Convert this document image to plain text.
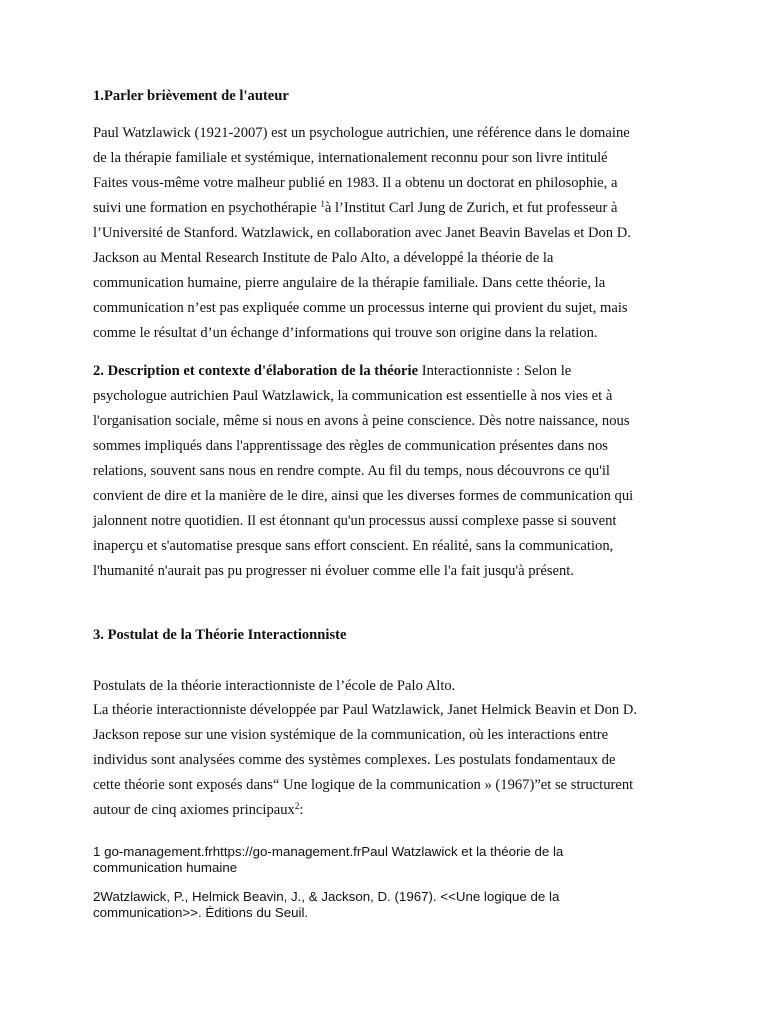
1.Parler brièvement de l'auteur
Paul Watzlawick (1921-2007) est un psychologue autrichien, une référence dans le domaine
de la thérapie familiale et systémique, internationalement reconnu pour son livre intitulé
Faites vous-même votre malheur publié en 1983. Il a obtenu un doctorat en philosophie, a
suivi une formation en psychothérapie $^1$à l’Institut Carl Jung de Zurich, et fut professeur à
l’Université de Stanford. Watzlawick, en collaboration avec Janet Beavin Bavelas et Don D.
Jackson au Mental Research Institute de Palo Alto, a développé la théorie de la
communication humaine, pierre angulaire de la thérapie familiale. Dans cette théorie, la
communication n’est pas expliquée comme un processus interne qui provient du sujet, mais
comme le résultat d’un échange d’informations qui trouve son origine dans la relation.
2. Description et contexte d'élaboration de la théorie Interactionniste : Selon le
psychologue autrichien Paul Watzlawick, la communication est essentielle à nos vies et à
l'organisation sociale, même si nous en avons à peine conscience. Dès notre naissance, nous
sommes impliqués dans l'apprentissage des règles de communication présentes dans nos
relations, souvent sans nous en rendre compte. Au fil du temps, nous découvrons ce qu'il
convient de dire et la manière de le dire, ainsi que les diverses formes de communication qui
jalonnent notre quotidien. Il est étonnant qu'un processus aussi complexe passe si souvent
inaperçu et s'automatise presque sans effort conscient. En réalité, sans la communication,
l'humanité n'aurait pas pu progresser ni évoluer comme elle l'a fait jusqu'à présent.
3. Postulat de la Théorie Interactionniste
Postulats de la théorie interactionniste de l’école de Palo Alto.
La théorie interactionniste développée par Paul Watzlawick, Janet Helmick Beavin et Don D.
Jackson repose sur une vision systémique de la communication, où les interactions entre
individus sont analysées comme des systèmes complexes. Les postulats fondamentaux de
cette théorie sont exposés dans“ Une logique de la communication » (1967)”et se structurent
autour de cinq axiomes principaux$^2$:
1 go-management.frhttps://go-management.frPaul Watzlawick et la théorie de la
communication humaine
2Watzlawick, P., Helmick Beavin, J., & Jackson, D. (1967). <<Une logique de la
communication>>. Éditions du Seuil.
